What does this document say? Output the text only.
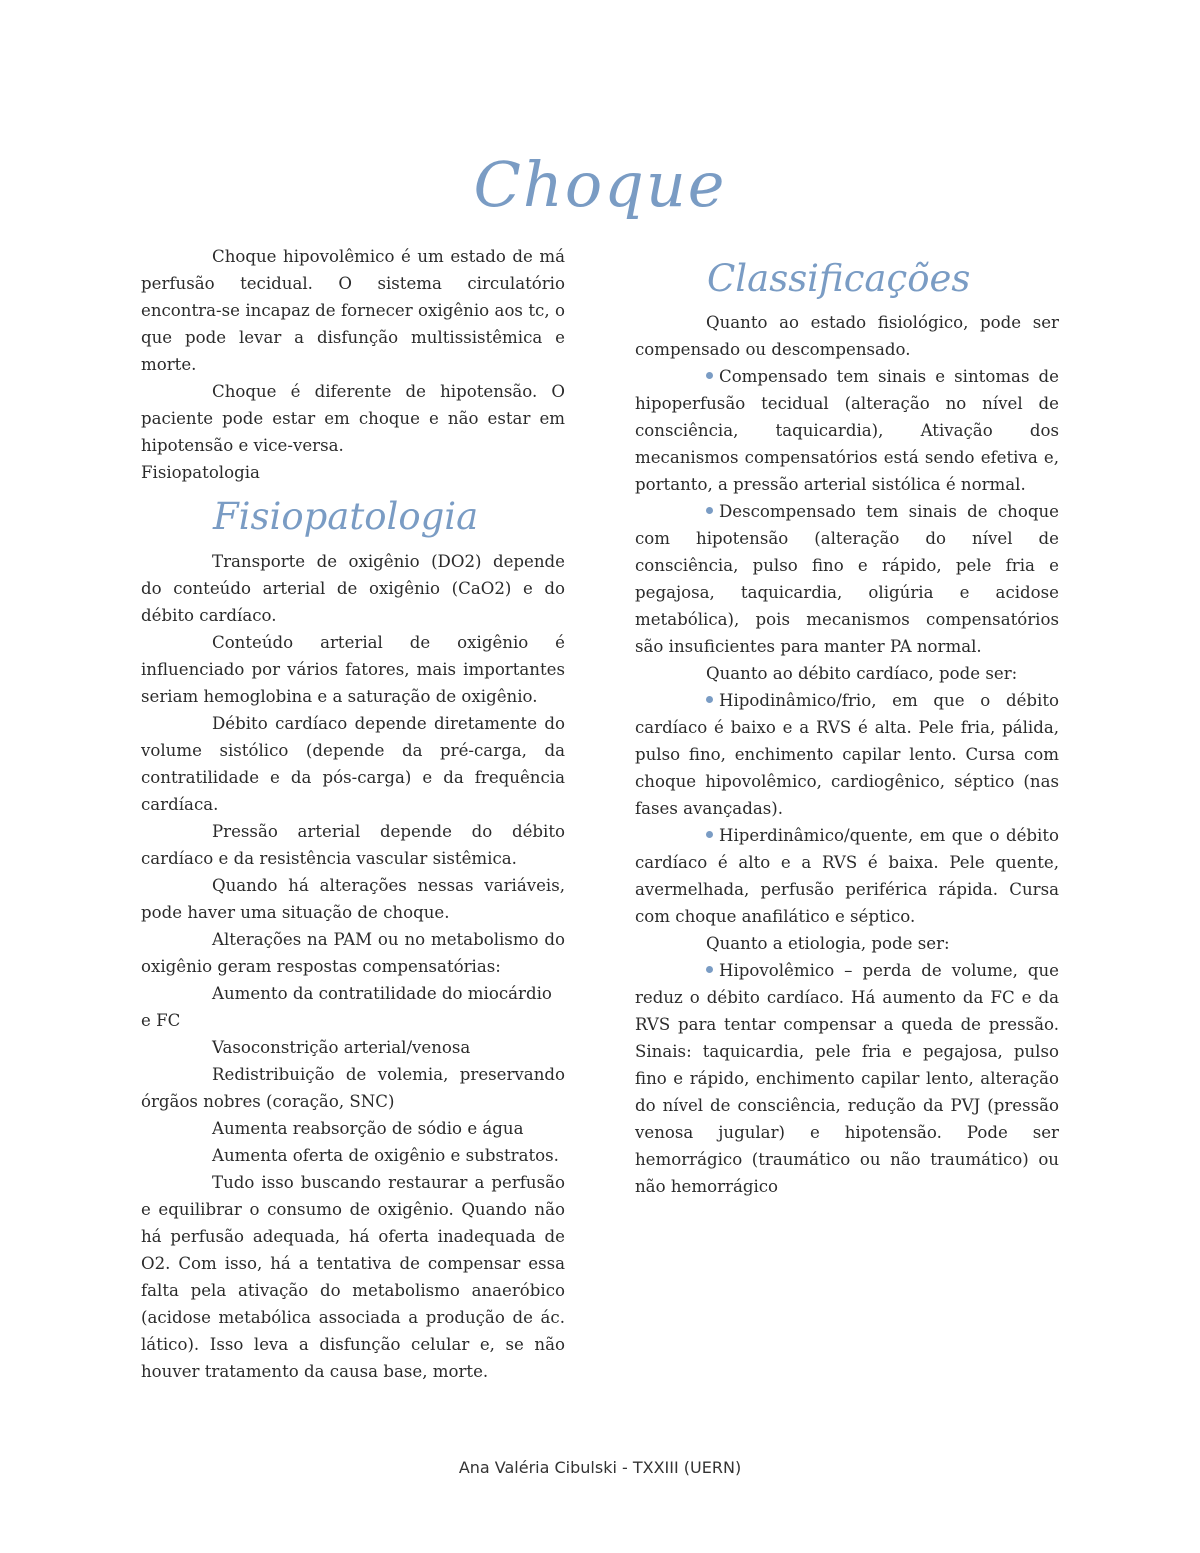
Choque

Choque hipovolêmico é um estado de má perfusão tecidual. O sistema circulatório encontra-se incapaz de fornecer oxigênio aos tc, o que pode levar a disfunção multissistêmica e morte.

Choque é diferente de hipotensão. O paciente pode estar em choque e não estar em hipotensão e vice-versa.

Fisiopatologia

Fisiopatologia

Transporte de oxigênio (DO2) depende do conteúdo arterial de oxigênio (CaO2) e do débito cardíaco.

Conteúdo arterial de oxigênio é influenciado por vários fatores, mais importantes seriam hemoglobina e a saturação de oxigênio.

Débito cardíaco depende diretamente do volume sistólico (depende da pré-carga, da contratilidade e da pós-carga) e da frequência cardíaca.

Pressão arterial depende do débito cardíaco e da resistência vascular sistêmica.

Quando há alterações nessas variáveis, pode haver uma situação de choque.

Alterações na PAM ou no metabolismo do oxigênio geram respostas compensatórias:

Aumento da contratilidade do miocárdio e FC

Vasoconstrição arterial/venosa

Redistribuição de volemia, preservando órgãos nobres (coração, SNC)

Aumenta reabsorção de sódio e água

Aumenta oferta de oxigênio e substratos.

Tudo isso buscando restaurar a perfusão e equilibrar o consumo de oxigênio. Quando não há perfusão adequada, há oferta inadequada de O2. Com isso, há a tentativa de compensar essa falta pela ativação do metabolismo anaeróbico (acidose metabólica associada a produção de ác. lático). Isso leva a disfunção celular e, se não houver tratamento da causa base, morte.

Classificações

Quanto ao estado fisiológico, pode ser compensado ou descompensado.

Compensado tem sinais e sintomas de hipoperfusão tecidual (alteração no nível de consciência, taquicardia), Ativação dos mecanismos compensatórios está sendo efetiva e, portanto, a pressão arterial sistólica é normal.

Descompensado tem sinais de choque com hipotensão (alteração do nível de consciência, pulso fino e rápido, pele fria e pegajosa, taquicardia, oligúria e acidose metabólica), pois mecanismos compensatórios são insuficientes para manter PA normal.

Quanto ao débito cardíaco, pode ser:

Hipodinâmico/frio, em que o débito cardíaco é baixo e a RVS é alta. Pele fria, pálida, pulso fino, enchimento capilar lento. Cursa com choque hipovolêmico, cardiogênico, séptico (nas fases avançadas).

Hiperdinâmico/quente, em que o débito cardíaco é alto e a RVS é baixa. Pele quente, avermelhada, perfusão periférica rápida. Cursa com choque anafilático e séptico.

Quanto a etiologia, pode ser:

Hipovolêmico – perda de volume, que reduz o débito cardíaco. Há aumento da FC e da RVS para tentar compensar a queda de pressão. Sinais: taquicardia, pele fria e pegajosa, pulso fino e rápido, enchimento capilar lento, alteração do nível de consciência, redução da PVJ (pressão venosa jugular) e hipotensão. Pode ser hemorrágico (traumático ou não traumático) ou não hemorrágico

Ana Valéria Cibulski - TXXIII (UERN)
